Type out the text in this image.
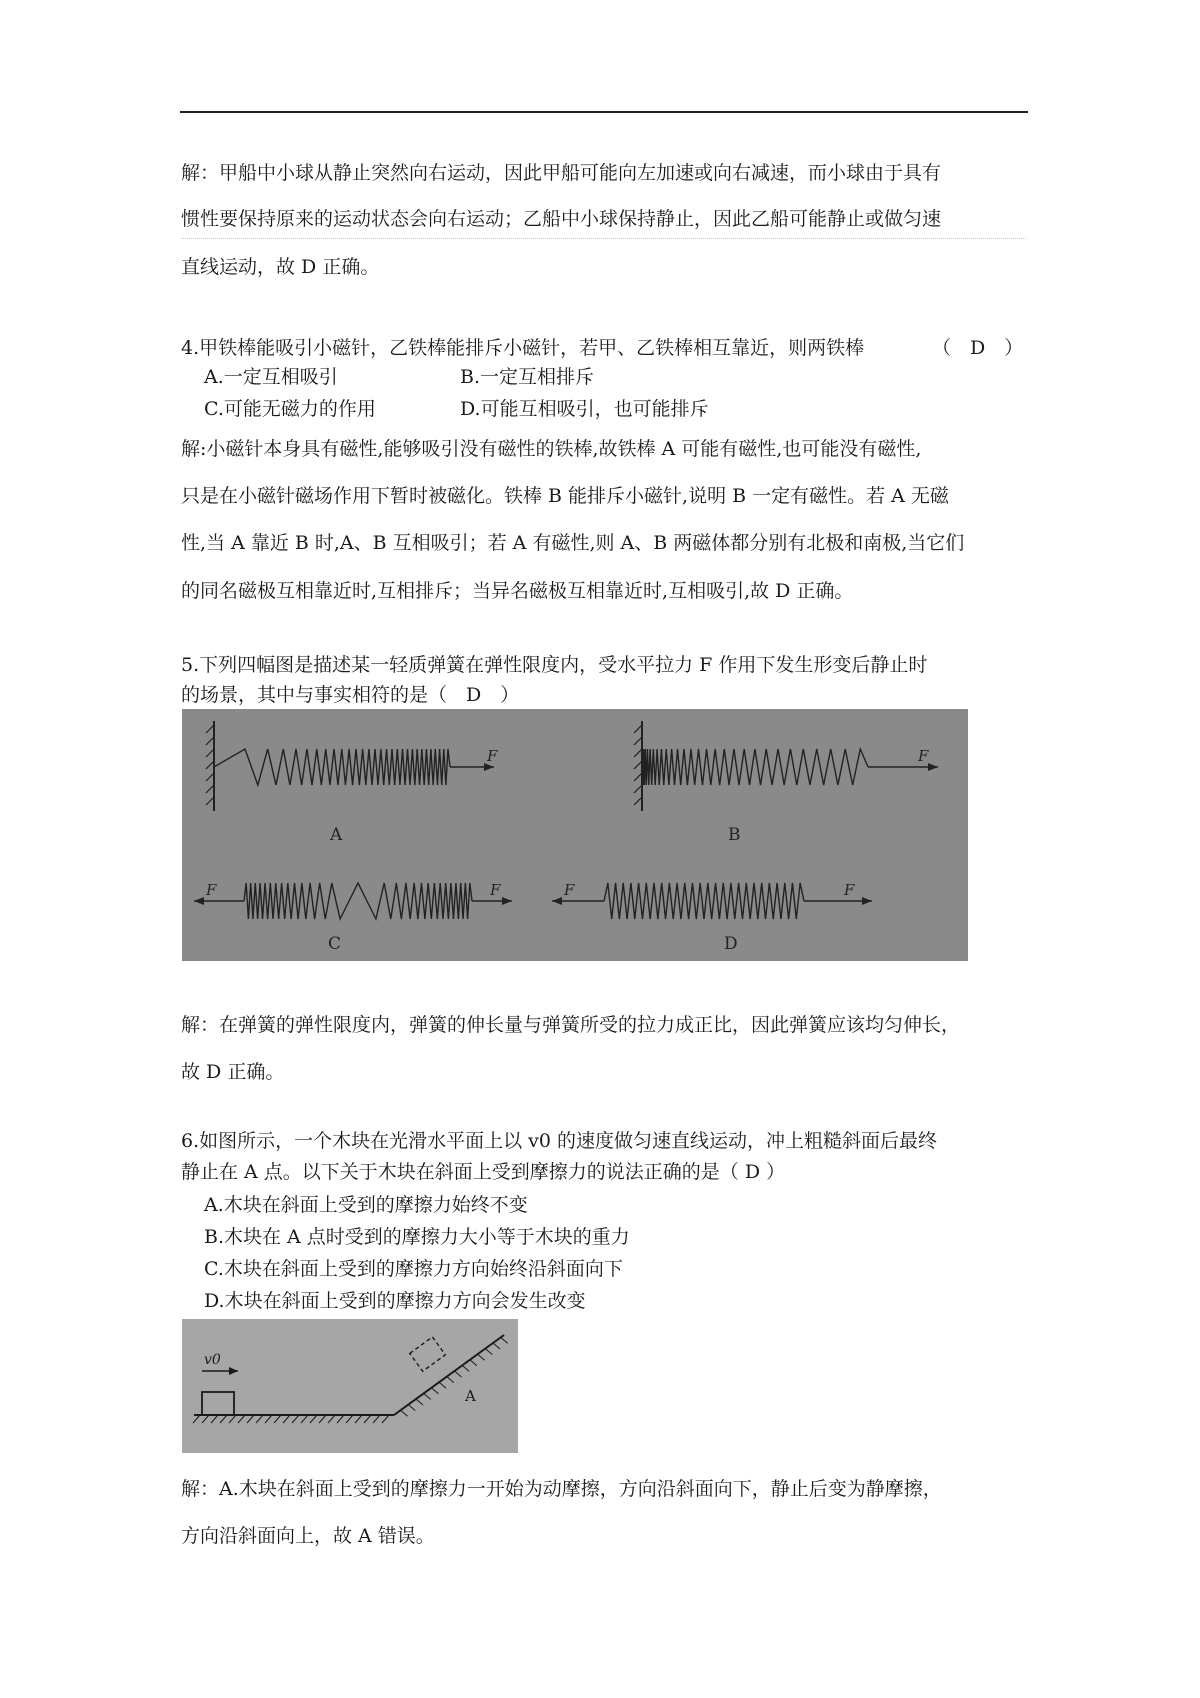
解：甲船中小球从静止突然向右运动，因此甲船可能向左加速或向右减速，而小球由于具有
惯性要保持原来的运动状态会向右运动；乙船中小球保持静止，因此乙船可能静止或做匀速
直线运动，故 D 正确。
4.甲铁棒能吸引小磁针，乙铁棒能排斥小磁针，若甲、乙铁棒相互靠近，则两铁棒	（　D　）
A.一定互相吸引	B.一定互相排斥
C.可能无磁力的作用	D.可能互相吸引，也可能排斥
解:小磁针本身具有磁性,能够吸引没有磁性的铁棒,故铁棒 A 可能有磁性,也可能没有磁性,
只是在小磁针磁场作用下暂时被磁化。铁棒 B 能排斥小磁针,说明 B 一定有磁性。若 A 无磁
性,当 A 靠近 B 时,A、B 互相吸引；若 A 有磁性,则 A、B 两磁体都分别有北极和南极,当它们
的同名磁极互相靠近时,互相排斥；当异名磁极互相靠近时,互相吸引,故 D 正确。
5.下列四幅图是描述某一轻质弹簧在弹性限度内，受水平拉力 F 作用下发生形变后静止时
的场景，其中与事实相符的是（　D　）
F
A
F
B
F	F
C
F	F
D
解：在弹簧的弹性限度内，弹簧的伸长量与弹簧所受的拉力成正比，因此弹簧应该均匀伸长，
故 D 正确。
6.如图所示，一个木块在光滑水平面上以 v0 的速度做匀速直线运动，冲上粗糙斜面后最终
静止在 A 点。以下关于木块在斜面上受到摩擦力的说法正确的是（ D ）
A.木块在斜面上受到的摩擦力始终不变
B.木块在 A 点时受到的摩擦力大小等于木块的重力
C.木块在斜面上受到的摩擦力方向始终沿斜面向下
D.木块在斜面上受到的摩擦力方向会发生改变
v0
A
解：A.木块在斜面上受到的摩擦力一开始为动摩擦，方向沿斜面向下，静止后变为静摩擦，
方向沿斜面向上，故 A 错误。
